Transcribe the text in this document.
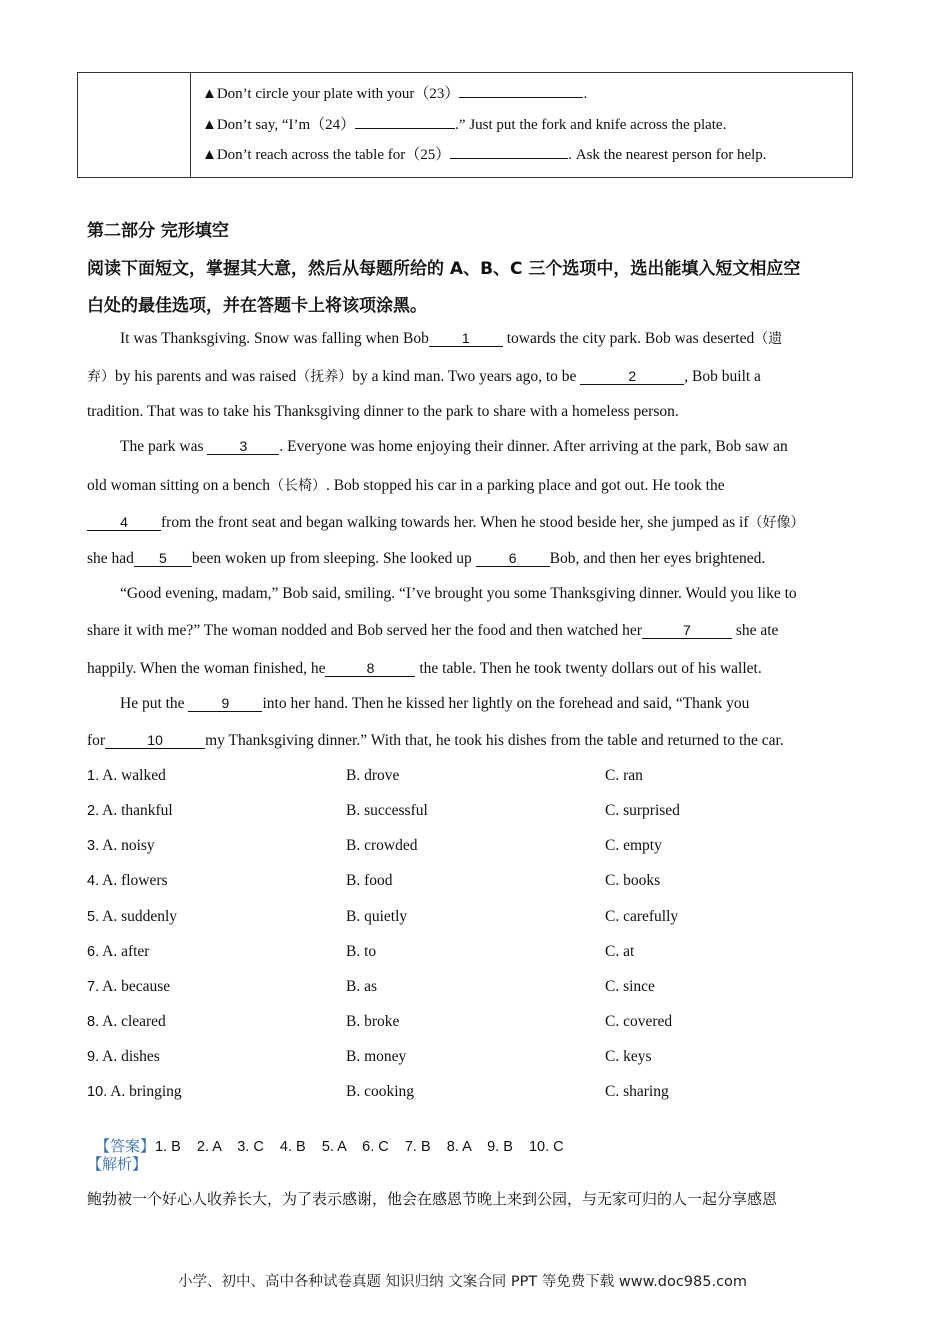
▲Don’t circle your plate with your（23）	.
▲Don’t say, “I’m（24）	.” Just put the fork and knife across the plate.
▲Don’t reach across the table for（25）	. Ask the nearest person for help.
第二部分 完形填空
阅读下面短文，掌握其大意，然后从每题所给的 A、B、C 三个选项中，选出能填入短文相应空
白处的最佳选项，并在答题卡上将该项涂黑。
It was Thanksgiving. Snow was falling when Bob 1 towards the city park. Bob was deserted（遗
弃）by his parents and was raised（抚养）by a kind man. Two years ago, to be	2	, Bob built a
tradition. That was to take his Thanksgiving dinner to the park to share with a homeless person.
The park was 3 . Everyone was home enjoying their dinner. After arriving at the park, Bob saw an
old woman sitting on a bench（长椅）. Bob stopped his car in a parking place and got out. He took the
4 from the front seat and began walking towards her. When he stood beside her, she jumped as if（好像）
she had 5 been woken up from sleeping. She looked up 6 Bob, and then her eyes brightened.
“Good evening, madam,” Bob said, smiling. “I’ve brought you some Thanksgiving dinner. Would you like to
share it with me?” The woman nodded and Bob served her the food and then watched her	7	she ate
happily. When the woman finished, he	8	the table. Then he took twenty dollars out of his wallet.
He put the 9 into her hand. Then he kissed her lightly on the forehead and said, “Thank you
for	10	my Thanksgiving dinner.” With that, he took his dishes from the table and returned to the car.
1. A. walked	B. drove	C. ran
2. A. thankful	B. successful	C. surprised
3. A. noisy	B. crowded	C. empty
4. A. flowers	B. food	C. books
5. A. suddenly	B. quietly	C. carefully
6. A. after	B. to	C. at
7. A. because	B. as	C. since
8. A. cleared	B. broke	C. covered
9. A. dishes	B. money	C. keys
10. A. bringing	B. cooking	C. sharing

【答案】1. B    2. A    3. C    4. B    5. A    6. C    7. B    8. A    9. B    10. C

【解析】
鲍勃被一个好心人收养长大，为了表示感谢，他会在感恩节晚上来到公园，与无家可归的人一起分享感恩
小学、初中、高中各种试卷真题 知识归纳 文案合同 PPT 等免费下载 www.doc985.com
